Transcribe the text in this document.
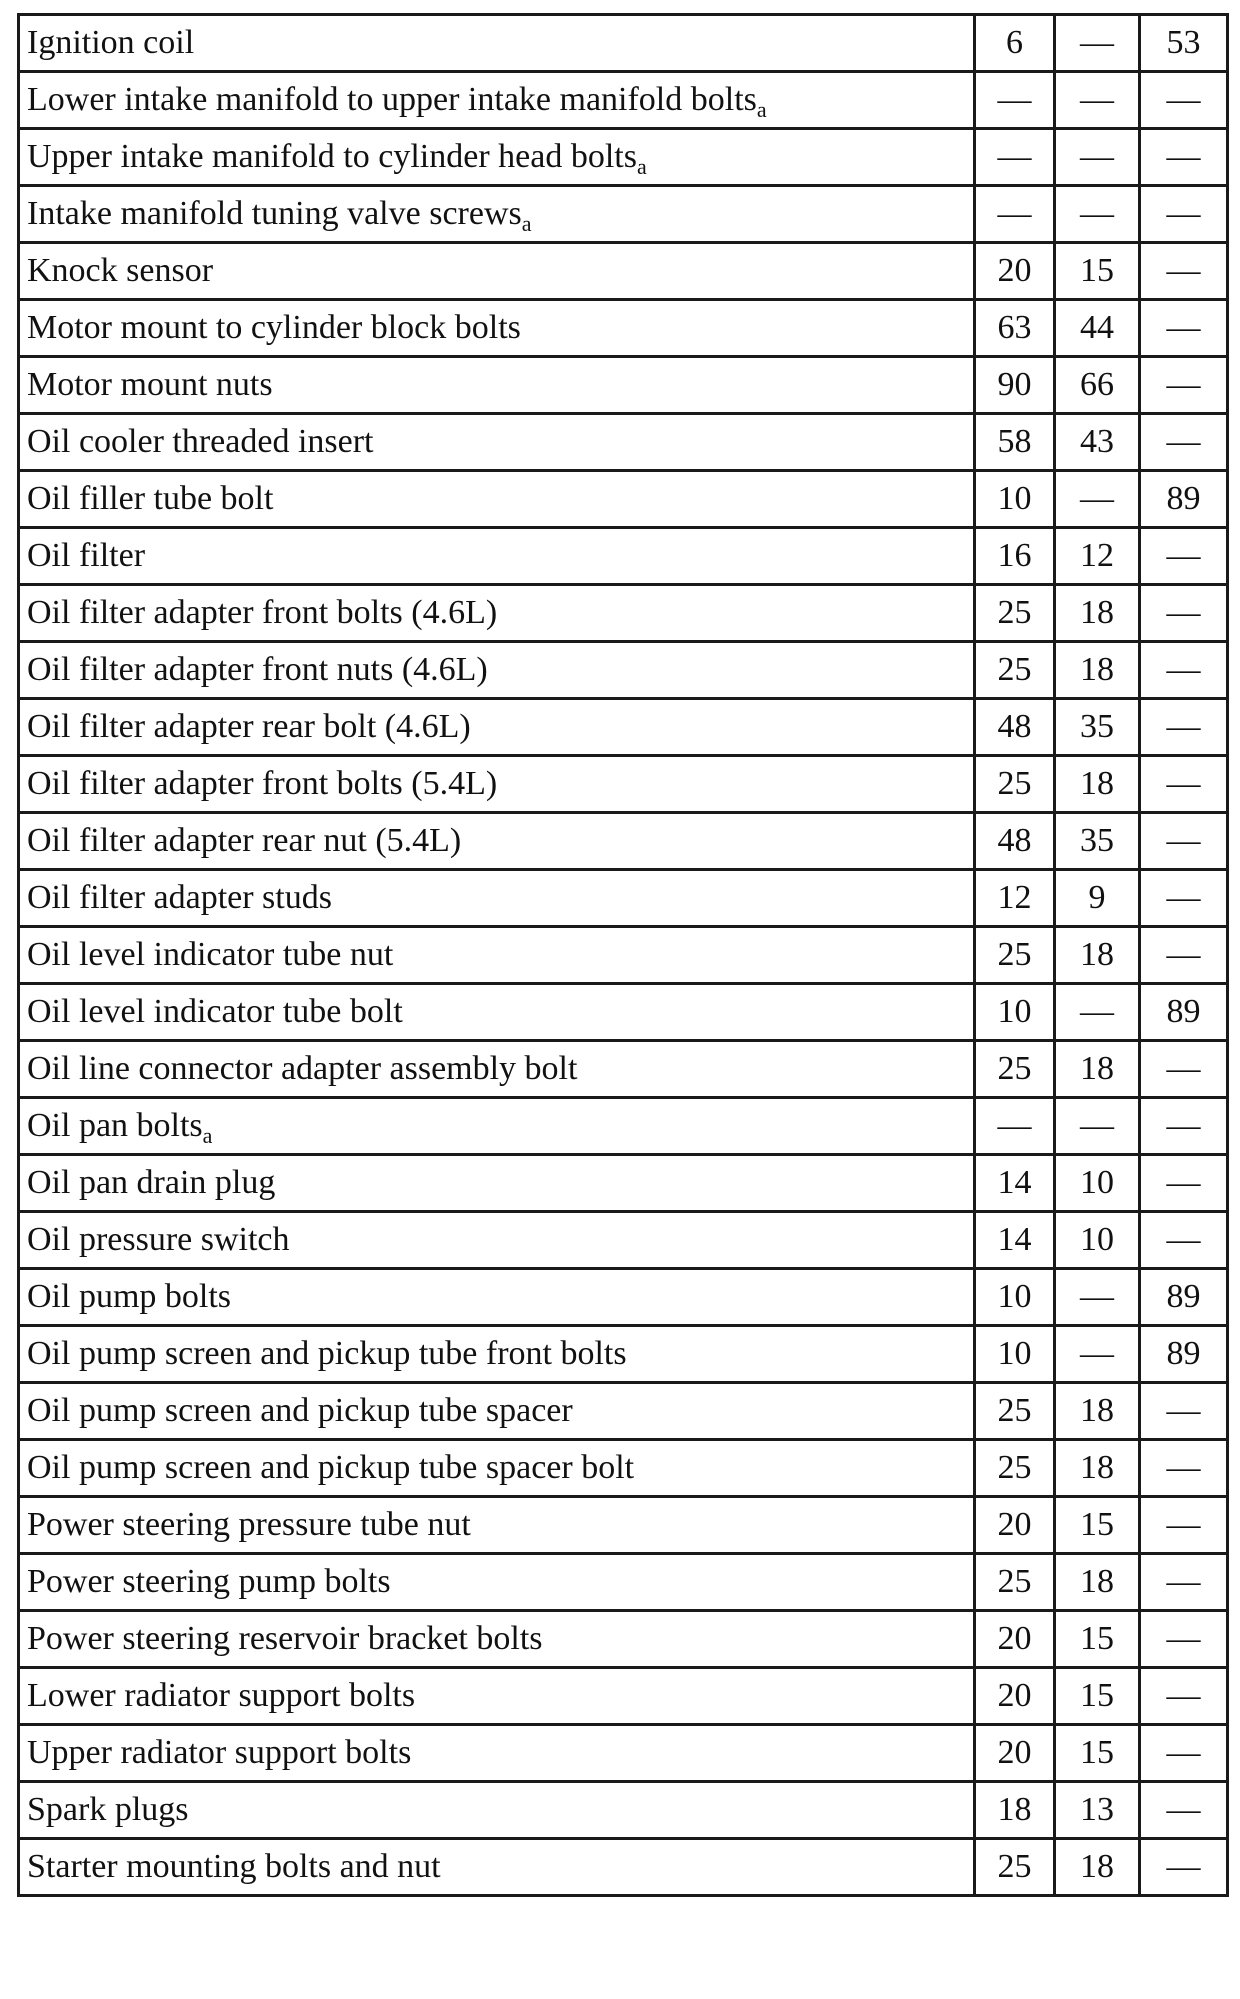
Ignition coil	6	—	53
Lower intake manifold to upper intake manifold bolts$_a$	—	—	—
Upper intake manifold to cylinder head bolts$_a$	—	—	—
Intake manifold tuning valve screws$_a$	—	—	—
Knock sensor	20	15	—
Motor mount to cylinder block bolts	63	44	—
Motor mount nuts	90	66	—
Oil cooler threaded insert	58	43	—
Oil filler tube bolt	10	—	89
Oil filter	16	12	—
Oil filter adapter front bolts (4.6L)	25	18	—
Oil filter adapter front nuts (4.6L)	25	18	—
Oil filter adapter rear bolt (4.6L)	48	35	—
Oil filter adapter front bolts (5.4L)	25	18	—
Oil filter adapter rear nut (5.4L)	48	35	—
Oil filter adapter studs	12	9	—
Oil level indicator tube nut	25	18	—
Oil level indicator tube bolt	10	—	89
Oil line connector adapter assembly bolt	25	18	—
Oil pan bolts$_a$	—	—	—
Oil pan drain plug	14	10	—
Oil pressure switch	14	10	—
Oil pump bolts	10	—	89
Oil pump screen and pickup tube front bolts	10	—	89
Oil pump screen and pickup tube spacer	25	18	—
Oil pump screen and pickup tube spacer bolt	25	18	—
Power steering pressure tube nut	20	15	—
Power steering pump bolts	25	18	—
Power steering reservoir bracket bolts	20	15	—
Lower radiator support bolts	20	15	—
Upper radiator support bolts	20	15	—
Spark plugs	18	13	—
Starter mounting bolts and nut	25	18	—
